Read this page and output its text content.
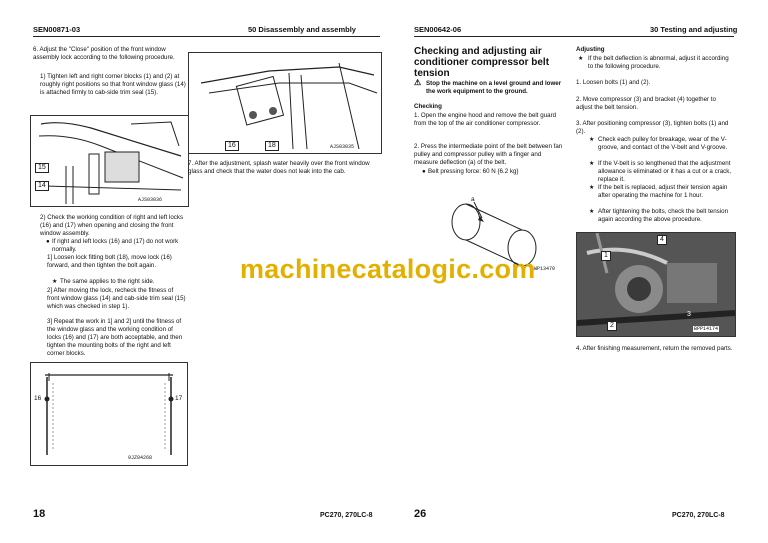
SEN00871-03	50 Disassembly and assembly
6. Adjust the "Close" position of the front window assembly lock according to the following procedure.
1) Tighten left and right corner blocks (1) and (2) at roughly right positions so that front window glass (14) is attached firmly to cab-side trim seal (15).
15
14
AJS03036
16	18	AJS03035
7. After the adjustment, splash water heavily over the front window glass and check that the water does not leak into the cab.
2) Check the working condition of right and left locks (16) and (17) when opening and closing the front window assembly.
● If right and left locks (16) and (17) do not work normally.
1] Loosen lock fitting bolt (18), move lock (16) forward, and then tighten the bolt again.
★ The same applies to the right side.
2] After moving the lock, recheck the fitness of front window glass (14) and cab-side trim seal (15) which was checked in step 1).
3] Repeat the work in 1] and 2] until the fitness of the window glass and the working condition of locks (16) and (17) are both acceptable, and then tighten the mounting bolts of the right and left corner blocks.
16	17
9JZ04268
18	PC270, 270LC-8
SEN00642-06	30 Testing and adjusting
Checking and adjusting air conditioner compressor belt tension
⚠ Stop the machine on a level ground and lower the work equipment to the ground.
Checking
1. Open the engine hood and remove the belt guard from the top of the air conditioner compressor.
2. Press the intermediate point of the belt between fan pulley and compressor pulley with a finger and measure deflection (a) of the belt.
● Belt pressing force: 60 N {6.2 kg}
a
BWP13470
Adjusting
★ If the belt deflection is abnormal, adjust it according to the following procedure.
1. Loosen bolts (1) and (2).
2. Move compressor (3) and bracket (4) together to adjust the belt tension.
3. After positioning compressor (3), tighten bolts (1) and (2).
★ Check each pulley for breakage, wear of the V-groove, and contact of the V-belt and V-groove.
★ If the V-belt is so lengthened that the adjustment allowance is eliminated or it has a cut or a crack, replace it.
★ If the belt is replaced, adjust their tension again after operating the machine for 1 hour.
★ After tightening the bolts, check the belt tension again according the above procedure.
4
1
2
3
BPP14174
4. After finishing measurement, return the removed parts.
26	PC270, 270LC-8
machinecatalogic.com
